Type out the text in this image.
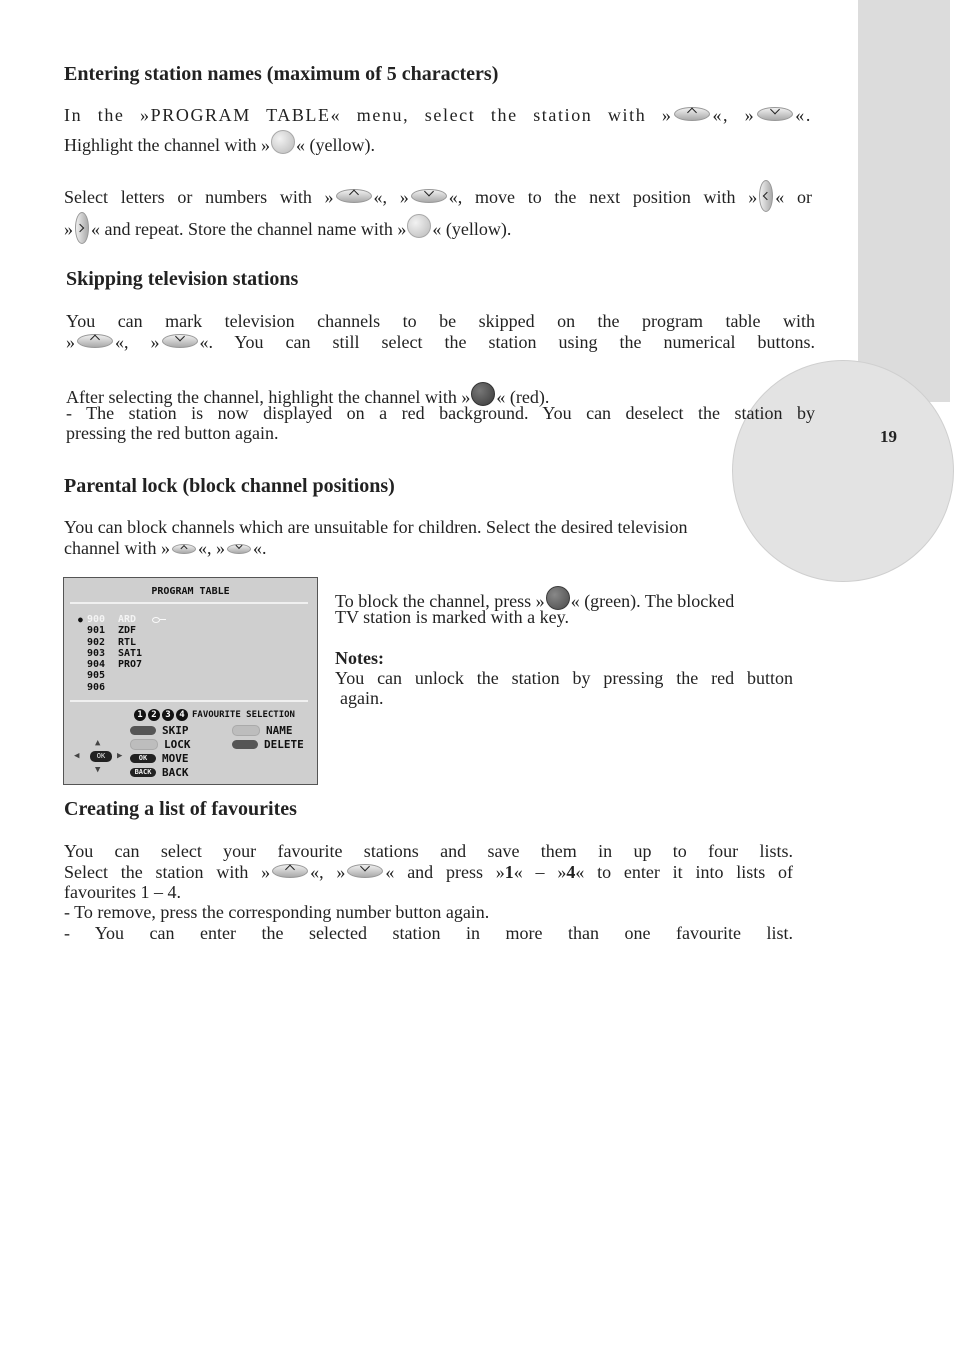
19
Entering station names (maximum of 5 characters)

In the »PROGRAM TABLE« menu, select the station with » «, » «.

Highlight the channel with » « (yellow).

Select letters or numbers with » «, » «, move to the next position with » « or

» « and repeat. Store the channel name with » « (yellow).

Skipping television stations

You can mark television channels to be skipped on the program table with

» «, » «. You can still select the station using the numerical buttons.

After selecting the channel, highlight the channel with » « (red).

- The station is now displayed on a red background. You can deselect the station by

pressing the red button again.

Parental lock (block channel positions)

You can block channels which are unsuitable for children. Select the desired television

channel with » «, » «.

PROGRAM TABLE
● 900	ARD
901	ZDF
902	RTL
903	SAT1
904	PRO7
905
906
1 2 3 4 FAVOURITE SELECTION
SKIP	NAME
LOCK	DELETE
OK	MOVE
BACK BACK
▲
◀	OK	▶
▼

To block the channel, press » « (green). The blocked

TV station is marked with a key.

Notes:

You can unlock the station by pressing the red button

again.

Creating a list of favourites

You can select your favourite stations and save them in up to four lists.

Select the station with » «, » « and press »1« – »4« to enter it into lists of

favourites 1 – 4.

- To remove, press the corresponding number button again.

- You can enter the selected station in more than one favourite list.
